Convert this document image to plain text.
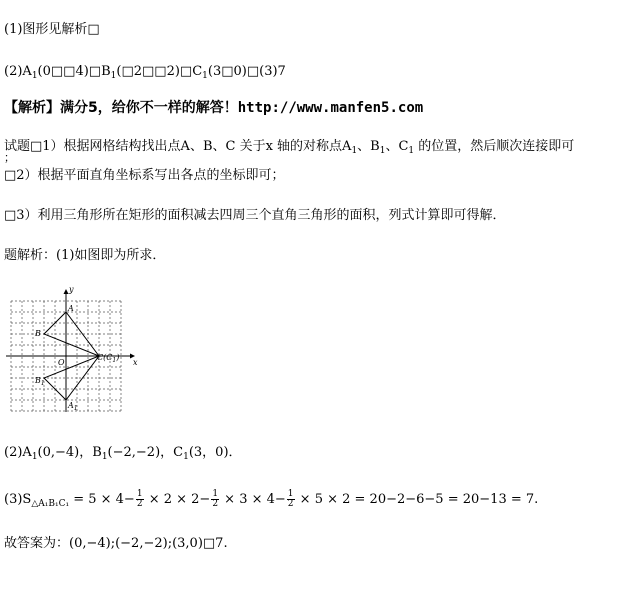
(1)图形见解析□
$(2)A_1(0□□4)□B_1(□2□□2)□C_1(3□0)□(3)7$
【解析】满分5，给你不一样的解答！http://www.manfen5.com
试题□1）根据网格结构找出点A、B、C 关于x 轴的对称点$A_1$、$B_1$、$C_1$ 的位置，然后顺次连接即可
；
□2）根据平面直角坐标系写出各点的坐标即可；
□3）利用三角形所在矩形的面积减去四周三个直角三角形的面积，列式计算即可得解．
题解析：(1)如图即为所求．
y
x
O
A
B
$C(C_1)$
$B_1$
$A_1$
$(2)A_1(0,-4)$，$B_1(-2,-2)$，$C_1(3$，0)．
$(3)S_{\triangle A_1B_1C_1} = 5 \times 4- \frac{1}{2} \times 2 \times 2- \frac{1}{2} \times 3 \times 4- \frac{1}{2} \times 5 \times 2 = 20-2-6-5 = 20-13 = 7$.
故答案为：(0,−4);(−2,−2);(3,0)□7.
